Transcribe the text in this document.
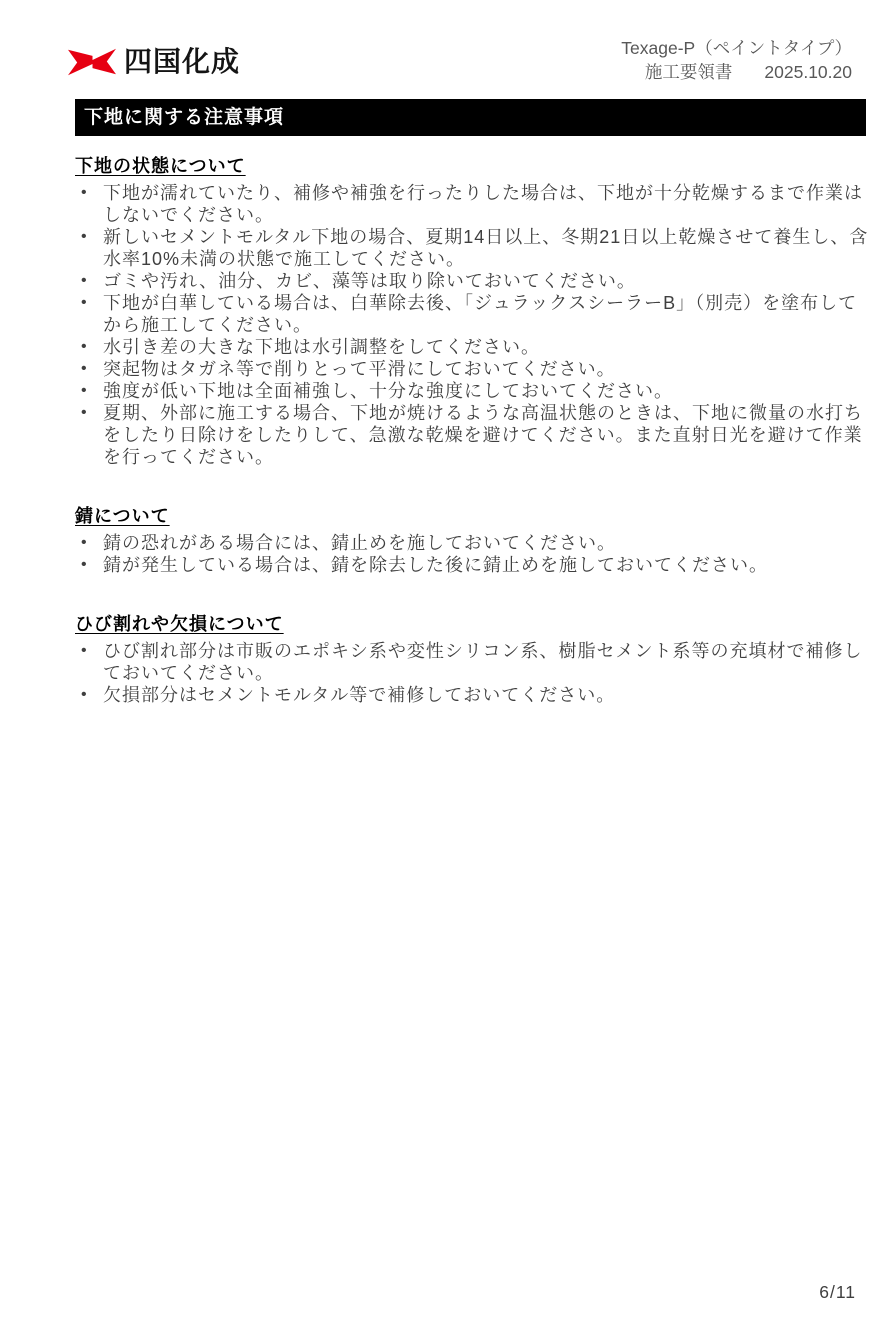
四国化成	Texage-P（ペイントタイプ）
施工要領書 2025.10.20
下地に関する注意事項
下地の状態について
• 下地が濡れていたり、補修や補強を行ったりした場合は、下地が十分乾燥するまで作業はしないでください。
• 新しいセメントモルタル下地の場合、夏期14日以上、冬期21日以上乾燥させて養生し、含水率10%未満の状態で施工してください。
• ゴミや汚れ、油分、カビ、藻等は取り除いておいてください。
• 下地が白華している場合は、白華除去後、「ジュラックスシーラーB」（別売）を塗布してから施工してください。
• 水引き差の大きな下地は水引調整をしてください。
• 突起物はタガネ等で削りとって平滑にしておいてください。
• 強度が低い下地は全面補強し、十分な強度にしておいてください。
• 夏期、外部に施工する場合、下地が焼けるような高温状態のときは、下地に微量の水打ちをしたり日除けをしたりして、急激な乾燥を避けてください。また直射日光を避けて作業を行ってください。
錆について
• 錆の恐れがある場合には、錆止めを施しておいてください。
• 錆が発生している場合は、錆を除去した後に錆止めを施しておいてください。
ひび割れや欠損について
• ひび割れ部分は市販のエポキシ系や変性シリコン系、樹脂セメント系等の充填材で補修しておいてください。
• 欠損部分はセメントモルタル等で補修しておいてください。
6/11
